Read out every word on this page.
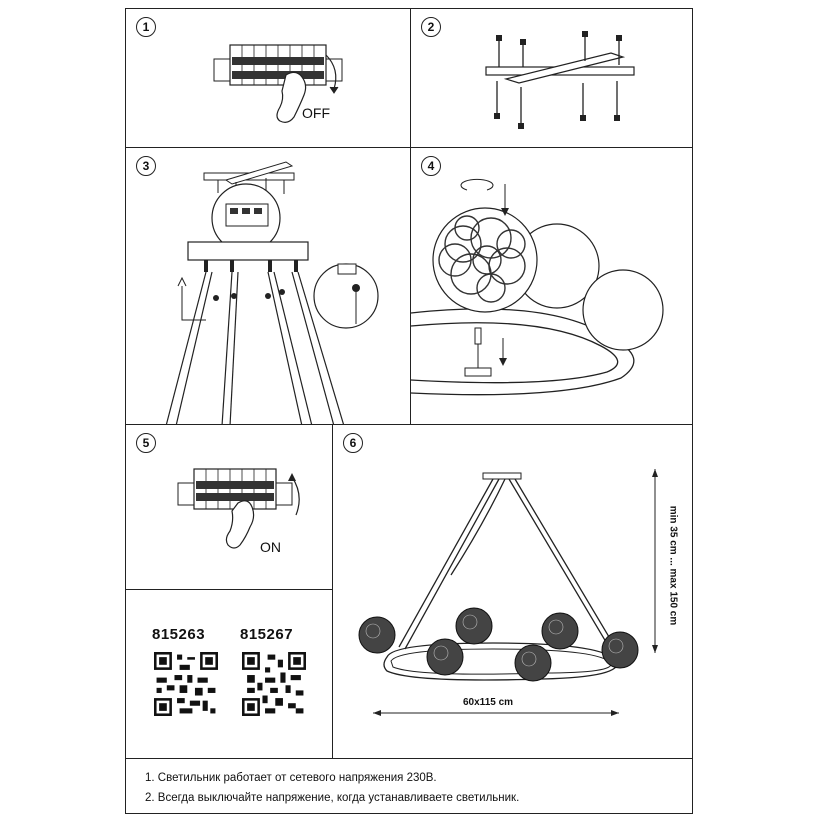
1
OFF
2
3	4
5
ON
815263 815267
6
60x115 cm
min 35 cm ... max 150 cm
1. Светильник работает от сетевого напряжения 230В.
2. Всегда выключайте напряжение, когда устанавливаете светильник.
